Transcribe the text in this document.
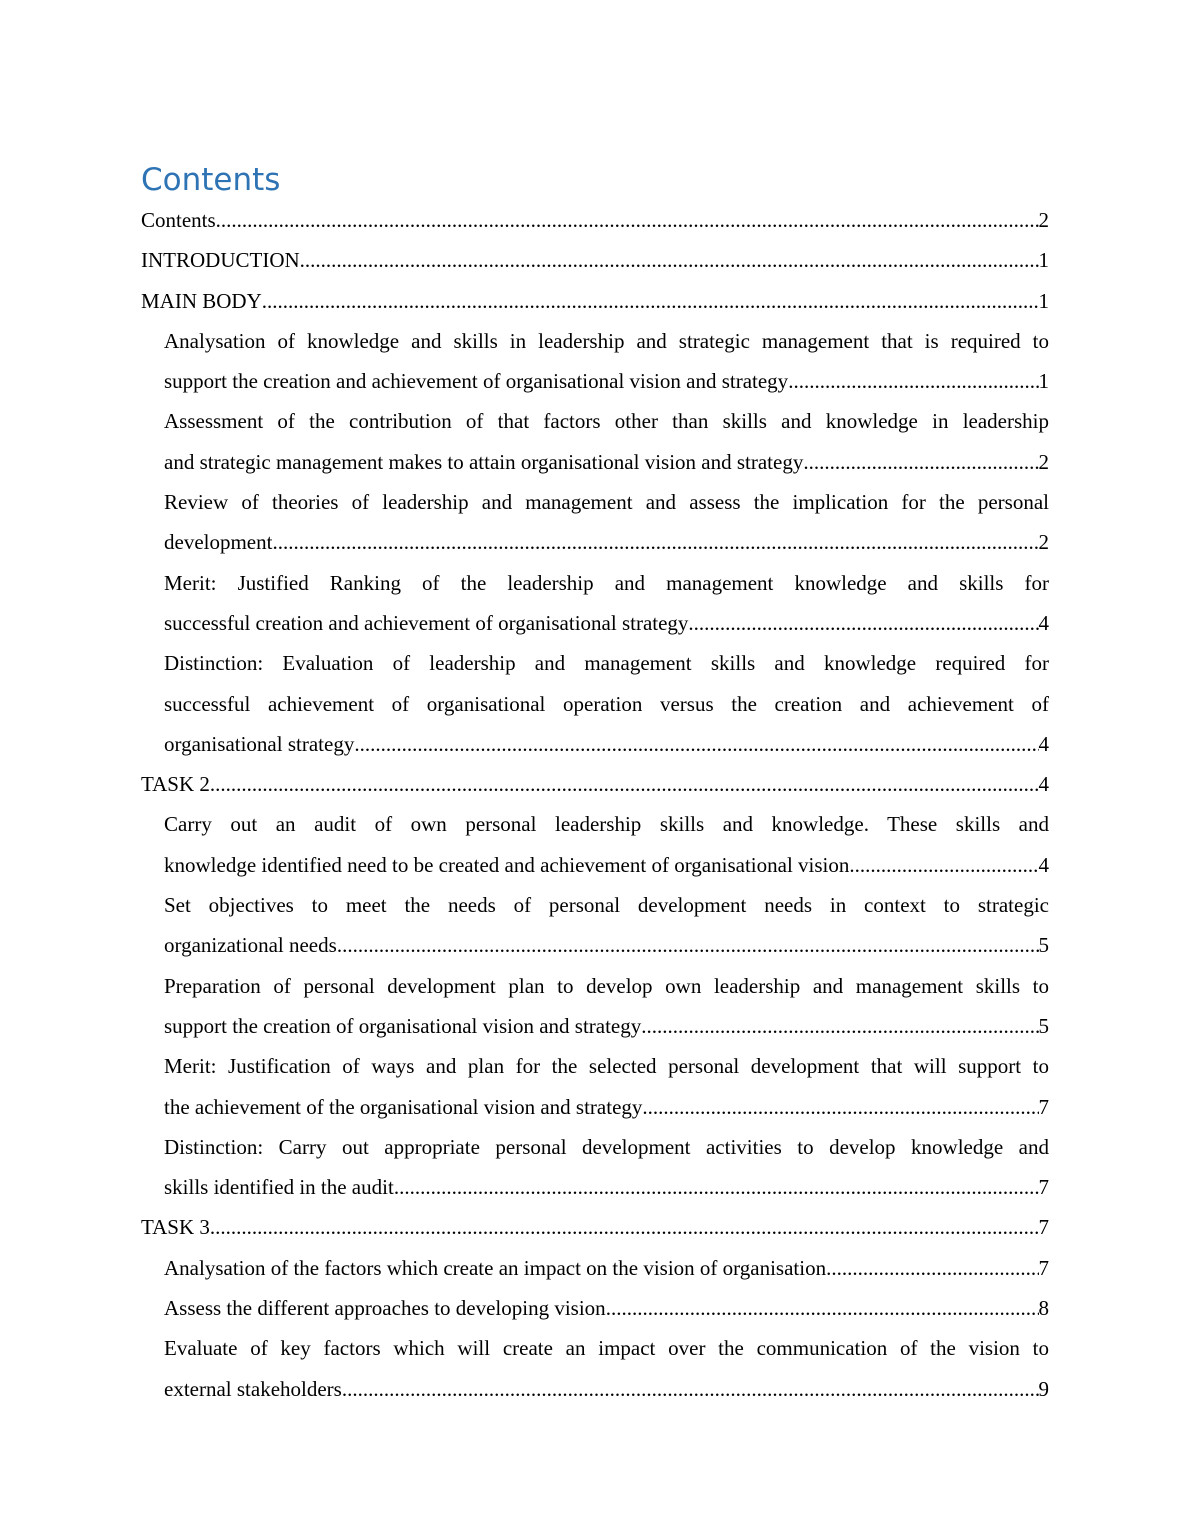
Contents
Contents .....	2
INTRODUCTION .....	1
MAIN BODY .....	1
Analysation of knowledge and skills in leadership and strategic management that is required to
support the creation and achievement of organisational vision and strategy .....	1
Assessment of the contribution of that factors other than skills and knowledge in leadership
and strategic management makes to attain organisational vision and strategy .....	2
Review of theories of leadership and management and assess the implication for the personal
development .....	2
Merit: Justified Ranking of the leadership and management knowledge and skills for
successful creation and achievement of organisational strategy .....	4
Distinction: Evaluation of leadership and management skills and knowledge required for
successful achievement of organisational operation versus the creation and achievement of
organisational strategy .....	4
TASK 2 .....	4
Carry out an audit of own personal leadership skills and knowledge. These skills and
knowledge identified need to be created and achievement of organisational vision .....	4
Set objectives to meet the needs of personal development needs in context to strategic
organizational needs .....	5
Preparation of personal development plan to develop own leadership and management skills to
support the creation of organisational vision and strategy .....	5
Merit: Justification of ways and plan for the selected personal development that will support to
the achievement of the organisational vision and strategy .....	7
Distinction: Carry out appropriate personal development activities to develop knowledge and
skills identified in the audit .....	7
TASK 3 .....	7
Analysation of the factors which create an impact on the vision of organisation .....	7
Assess the different approaches to developing vision .....	8
Evaluate of key factors which will create an impact over the communication of the vision to
external stakeholders .....	9
